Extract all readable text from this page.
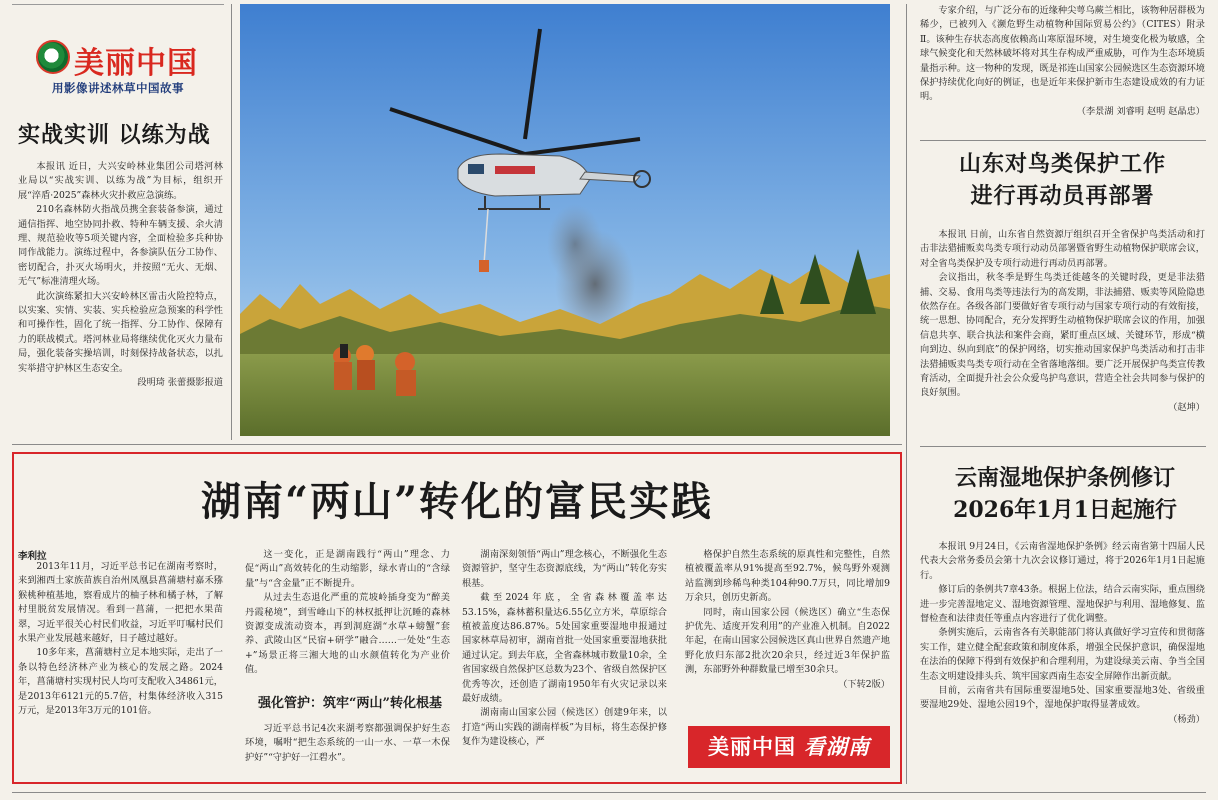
美丽中国
用影像讲述林草中国故事
实战实训 以练为战

本报讯 近日，大兴安岭林业集团公司塔河林业局以“实战实训、以练为战”为目标，组织开展“淬盾·2025”森林火灾扑救应急演练。

210名森林防火指战员携全套装备参演，通过通信指挥、地空协同扑救、特种车辆支援、余火清理、规范验收等5项关键内容，全面检验多兵种协同作战能力。演练过程中，各参演队伍分工协作、密切配合，扑灭火场明火，并按照“无火、无烟、无气”标准清理火场。

此次演练紧扣大兴安岭林区雷击火险控特点，以实案、实情、实装、实兵检验应急预案的科学性和可操作性，固化了统一指挥、分工协作、保障有力的联战模式。塔河林业局将继续优化灭火力量布局，强化装备实操培训，时刻保持战备状态，以扎实举措守护林区生态安全。

段明琦 张蕾摄影报道

专家介绍，与广泛分布的近缘种尖萼乌蕨兰相比，该物种居群极为稀少，已被列入《濒危野生动植物种国际贸易公约》（CITES）附录Ⅱ。该种生存状态高度依赖高山寒原湿环境，对生境变化极为敏感，全球气候变化和天然林破坏将对其生存构成严重威胁，可作为生态环境质量指示种。这一物种的发现，既是祁连山国家公园候选区生态资源环境保护持续优化向好的例证，也是近年来保护新市生态建设成效的有力证明。

（李景湖 刘睿明 赵明 赵晶忠）
山东对鸟类保护工作
进行再动员再部署

本报讯 日前，山东省自然资源厅组织召开全省保护鸟类活动和打击非法猎捕贩卖鸟类专项行动动员部署暨省野生动植物保护联席会议，对全省鸟类保护及专项行动进行再动员再部署。

会议指出，秋冬季是野生鸟类迁徙越冬的关键时段，更是非法猎捕、交易、食用鸟类等违法行为的高发期，非法捕猎、贩卖等风险隐患依然存在。各级各部门要做好省专项行动与国家专项行动的有效衔接，统一思想、协同配合，充分发挥野生动植物保护联席会议的作用，加强信息共享、联合执法和案件会商，紧盯重点区域、关键环节，形成“横向到边、纵向到底”的保护网络，切实推动国家保护鸟类活动和打击非法猎捕贩卖鸟类专项行动在全省落地落细。要广泛开展保护鸟类宣传教育活动，全面提升社会公众爱鸟护鸟意识，营造全社会共同参与保护的良好氛围。

（赵坤）
湖南“两山”转化的富民实践
李利拉

2013年11月，习近平总书记在湖南考察时，来到湘西土家族苗族自治州凤凰县菖蒲塘村嘉禾猕猴桃种植基地，察看成片的柚子林和橘子林，了解村里脱贫发展情况。看到一菖蒲，一把把水果苗翠，习近平很关心村民们收益，习近平叮嘱村民们水果产业发展越来越好，日子越过越好。

10多年来，菖蒲塘村立足本地实际，走出了一条以特色经济林产业为核心的发展之路。2024年，菖蒲塘村实现村民人均可支配收入34861元，是2013年6121元的5.7倍，村集体经济收入315万元，是2013年3万元的101倍。

这一变化，正是湖南践行“两山”理念、力促“两山”高效转化的生动缩影，绿水青山的“含绿量”与“含金量”正不断提升。

从过去生态退化严重的荒坡岭插身变为“醉美丹霞秘境”，到雪峰山下的林权抵押让沉睡的森林资源变成流动资本，再到洞庭湖“水草+螃蟹”套养、武陵山区“民宿+研学”融合……一处处“生态+”场景正将三湘大地的山水颜值转化为产业价值。

强化管护：筑牢“两山”转化根基

习近平总书记4次来湖考察都强调保护好生态环境，嘱咐“把生态系统的一山一水、一草一木保护好”“守护好一江碧水”。

湖南深刻领悟“两山”理念核心，不断强化生态资源管护，坚守生态资源底线，为“两山”转化夯实根基。

截至2024年底，全省森林覆盖率达53.15%，森林蓄积量达6.55亿立方米，草原综合植被盖度达86.87%。5处国家重要湿地申报通过国家林草局初审，湖南首批一处国家重要湿地获批通过认定。到去年底，全省森林城市数量10余，全省国家级自然保护区总数为23个、省级自然保护区优秀等次，还创造了湖南1950年有火灾记录以来最好成绩。

湖南南山国家公园（候选区）创建9年来，以打造“两山实践的湖南样板”为目标，将生态保护修复作为建设核心，严

格保护自然生态系统的原真性和完整性，自然植被覆盖率从91%提高至92.7%，候鸟野外观测站监测到珍稀鸟种类104种90.7万只，同比增加9万余只，创历史新高。

同时，南山国家公园（候选区）确立“生态保护优先、适度开发利用”的产业准入机制。自2022年起，在南山国家公园候选区真山世界自然遗产地野化放归东部2批次20余只，经过近3年保护监测，东部野外种群数量已增至30余只。

（下转2版）
美丽中国 看湖南
云南湿地保护条例修订
2026年1月1日起施行

本报讯 9月24日，《云南省湿地保护条例》经云南省第十四届人民代表大会常务委员会第十九次会议修订通过，将于2026年1月1日起施行。

修订后的条例共7章43条。根据上位法，结合云南实际，重点围绕进一步完善湿地定义、湿地资源管理、湿地保护与利用、湿地修复、监督检查和法律责任等重点内容进行了优化调整。

条例实施后，云南省各有关职能部门将认真做好学习宣传和贯彻落实工作，建立健全配套政策和制度体系，增强全民保护意识，确保湿地在法治的保障下得到有效保护和合理利用，为建设绿美云南、争当全国生态文明建设排头兵、筑牢国家西南生态安全屏障作出新贡献。

目前，云南省共有国际重要湿地5处、国家重要湿地3处、省级重要湿地29处、湿地公园19个，湿地保护取得显著成效。

（杨劲）
